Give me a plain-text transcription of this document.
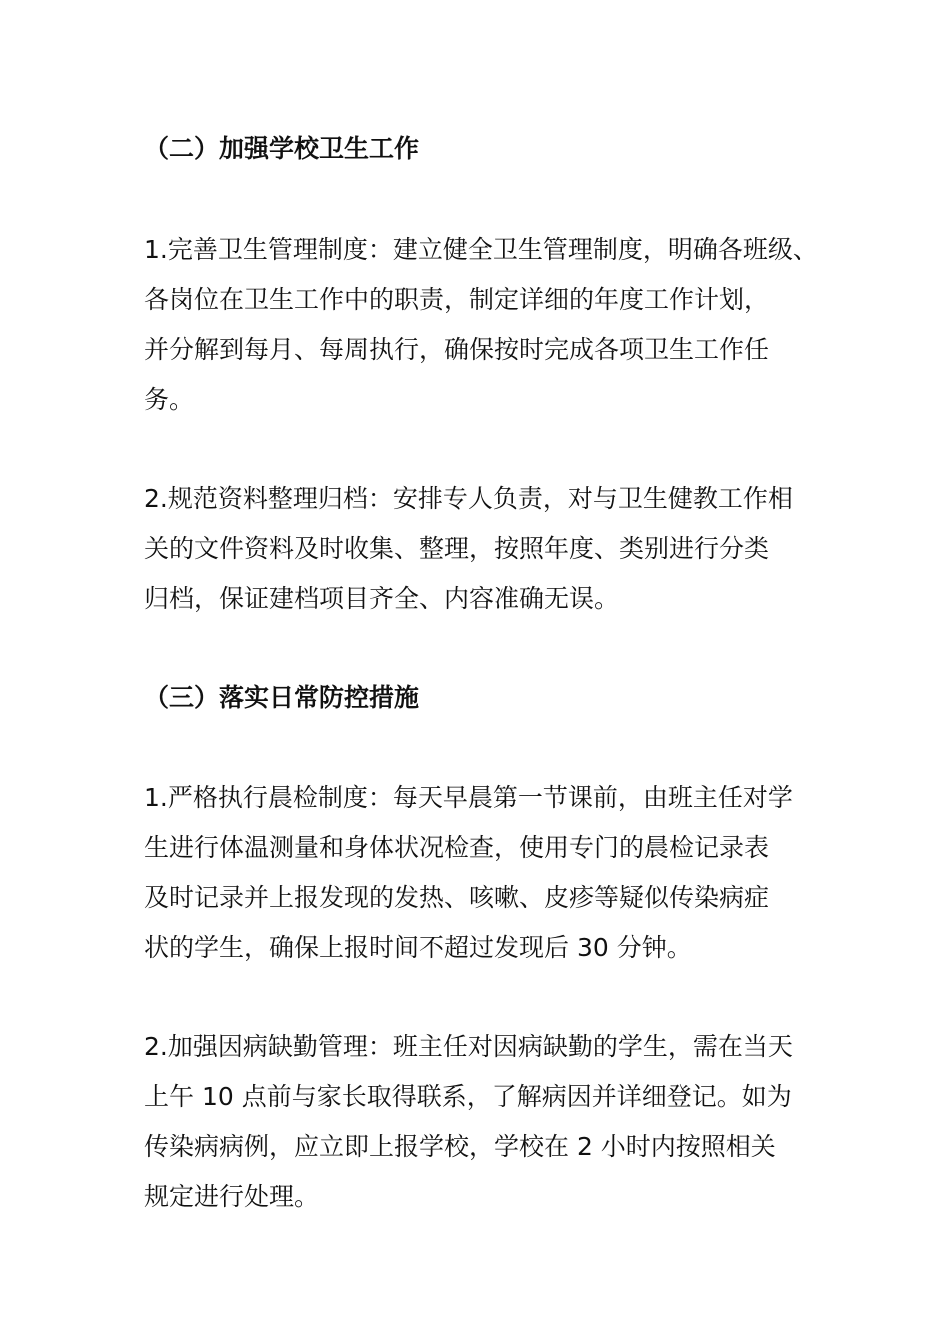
（二）加强学校卫生工作

1.完善卫生管理制度：建立健全卫生管理制度，明确各班级、
各岗位在卫生工作中的职责，制定详细的年度工作计划，
并分解到每月、每周执行，确保按时完成各项卫生工作任
务。

2.规范资料整理归档：安排专人负责，对与卫生健教工作相
关的文件资料及时收集、整理，按照年度、类别进行分类
归档，保证建档项目齐全、内容准确无误。

（三）落实日常防控措施

1.严格执行晨检制度：每天早晨第一节课前，由班主任对学
生进行体温测量和身体状况检查，使用专门的晨检记录表
及时记录并上报发现的发热、咳嗽、皮疹等疑似传染病症
状的学生，确保上报时间不超过发现后 30 分钟。

2.加强因病缺勤管理：班主任对因病缺勤的学生，需在当天
上午 10 点前与家长取得联系，了解病因并详细登记。如为
传染病病例，应立即上报学校，学校在 2 小时内按照相关
规定进行处理。
